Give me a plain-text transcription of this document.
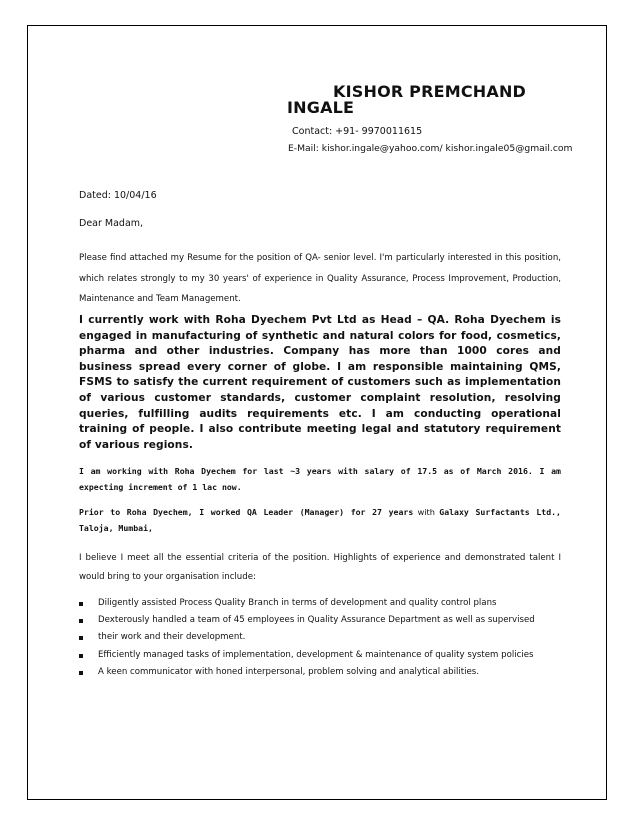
KISHOR PREMCHAND
INGALE
Contact: +91- 9970011615
E-Mail: kishor.ingale@yahoo.com/ kishor.ingale05@gmail.com
Dated: 10/04/16
Dear Madam,
Please find attached my Resume for the position of QA- senior level. I'm particularly interested in this position, which relates strongly to my 30 years' of experience in Quality Assurance, Process Improvement, Production, Maintenance and Team Management.
I currently work with Roha Dyechem Pvt Ltd as Head – QA. Roha Dyechem is engaged in manufacturing of synthetic and natural colors for food, cosmetics, pharma and other industries. Company has more than 1000 cores and business spread every corner of globe. I am responsible maintaining QMS, FSMS to satisfy the current requirement of customers such as implementation of various customer standards, customer complaint resolution, resolving queries, fulfilling audits requirements etc. I am conducting operational training of people. I also contribute meeting legal and statutory requirement of various regions.
I am working with Roha Dyechem for last ~3 years with salary of 17.5 as of March 2016. I am expecting increment of 1 lac now.
Prior to Roha Dyechem, I worked QA Leader (Manager) for 27 years with Galaxy Surfactants Ltd., Taloja, Mumbai,
I believe I meet all the essential criteria of the position. Highlights of experience and demonstrated talent I would bring to your organisation include:
Diligently assisted Process Quality Branch in terms of development and quality control plans
Dexterously handled a team of 45 employees in Quality Assurance Department as well as supervised
their work and their development.
Efficiently managed tasks of implementation, development & maintenance of quality system policies
A keen communicator with honed interpersonal, problem solving and analytical abilities.
